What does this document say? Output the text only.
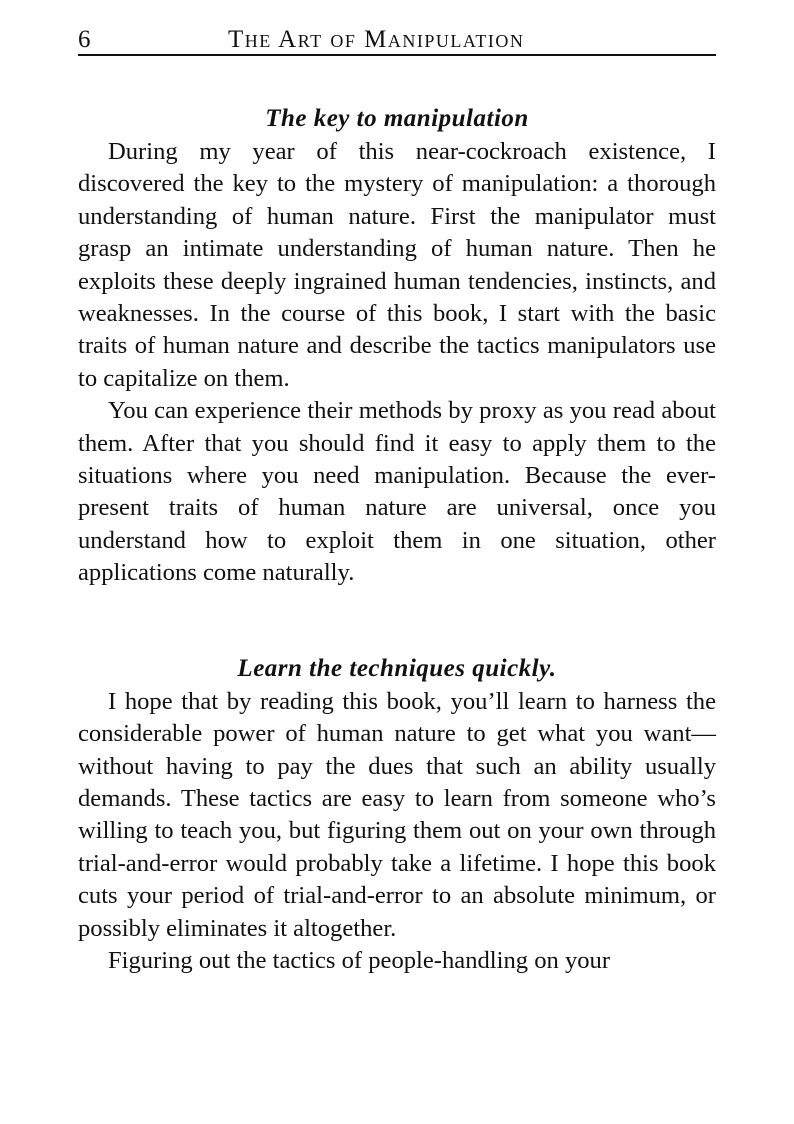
6	The Art of Manipulation
The key to manipulation

During my year of this near-cockroach existence, I discovered the key to the mystery of manipulation: a thorough understanding of human nature. First the manipulator must grasp an intimate understanding of human nature. Then he exploits these deeply ingrained human tendencies, instincts, and weaknesses. In the course of this book, I start with the basic traits of human nature and describe the tactics manipulators use to capitalize on them.

You can experience their methods by proxy as you read about them. After that you should find it easy to apply them to the situations where you need manipulation. Because the ever-present traits of human nature are universal, once you understand how to exploit them in one situation, other applications come naturally.

Learn the techniques quickly.

I hope that by reading this book, you’ll learn to harness the considerable power of human nature to get what you want—without having to pay the dues that such an ability usually demands. These tactics are easy to learn from someone who’s willing to teach you, but figuring them out on your own through trial-and-error would probably take a lifetime. I hope this book cuts your period of trial-and-error to an absolute minimum, or possibly eliminates it altogether.

Figuring out the tactics of people-handling on your
